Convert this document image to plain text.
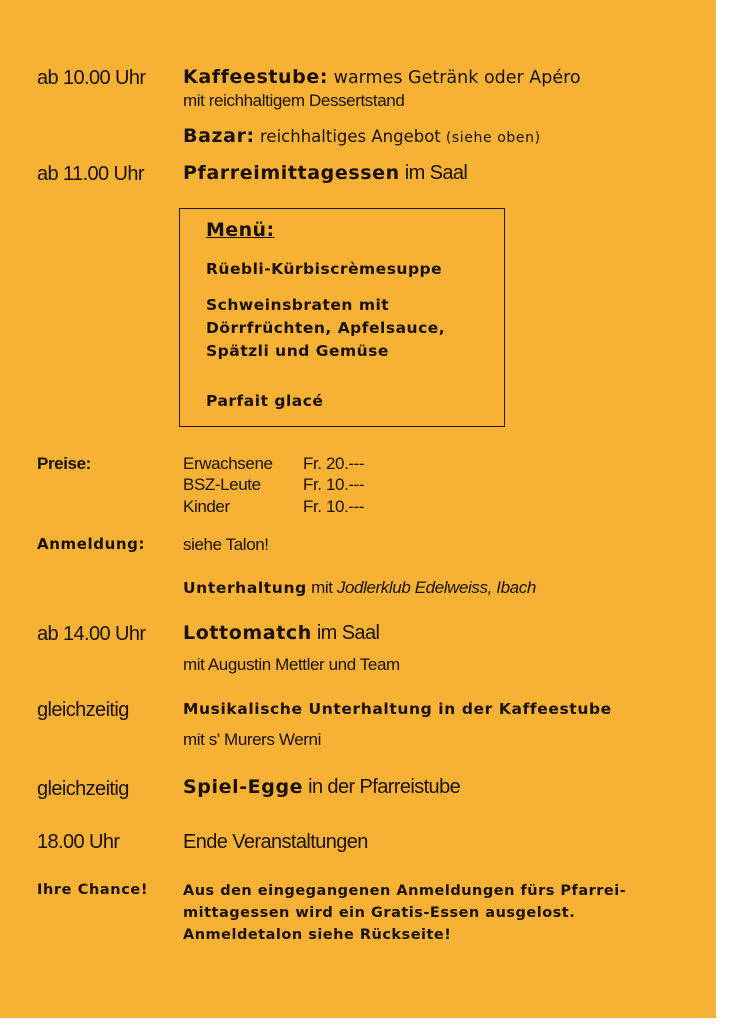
ab 10.00 Uhr Kaffeestube: warmes Getränk oder Apéro
mit reichhaltigem Dessertstand
Bazar: reichhaltiges Angebot (siehe oben)
ab 11.00 Uhr Pfarreimittagessen im Saal
Menü:
Rüebli-Kürbiscrèmesuppe
Schweinsbraten mit
Dörrfrüchten, Apfelsauce,
Spätzli und Gemüse
Parfait glacé
Preise:	Erwachsene Fr. 20.---
BSZ-Leute Fr. 10.---
Kinder	Fr. 10.---
Anmeldung: siehe Talon!
Unterhaltung mit Jodlerklub Edelweiss, Ibach
ab 14.00 Uhr Lottomatch im Saal
mit Augustin Mettler und Team
gleichzeitig	Musikalische Unterhaltung in der Kaffeestube
mit s' Murers Werni
gleichzeitig	Spiel-Egge in der Pfarreistube
18.00 Uhr	Ende Veranstaltungen
Ihre Chance! Aus den eingegangenen Anmeldungen fürs Pfarrei-
mittagessen wird ein Gratis-Essen ausgelost.
Anmeldetalon siehe Rückseite!
